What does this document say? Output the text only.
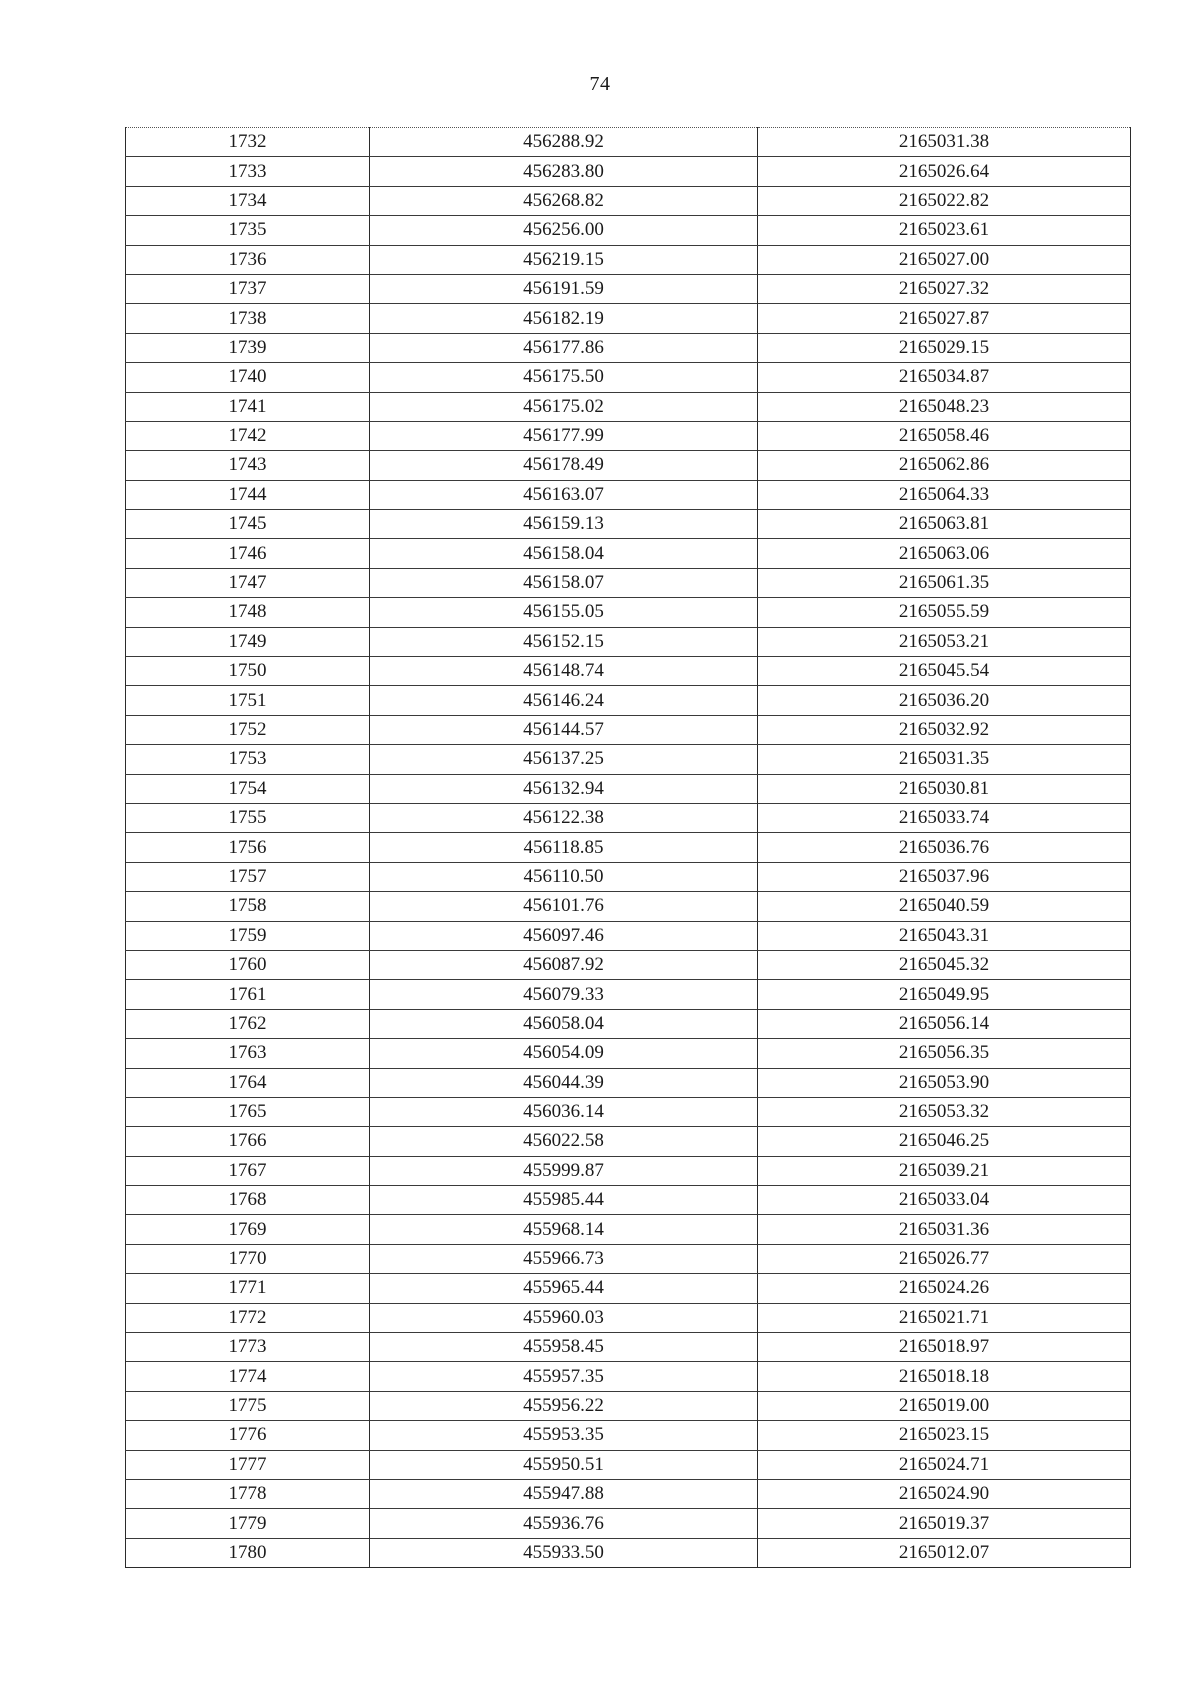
74
1732	456288.92	2165031.38
1733	456283.80	2165026.64
1734	456268.82	2165022.82
1735	456256.00	2165023.61
1736	456219.15	2165027.00
1737	456191.59	2165027.32
1738	456182.19	2165027.87
1739	456177.86	2165029.15
1740	456175.50	2165034.87
1741	456175.02	2165048.23
1742	456177.99	2165058.46
1743	456178.49	2165062.86
1744	456163.07	2165064.33
1745	456159.13	2165063.81
1746	456158.04	2165063.06
1747	456158.07	2165061.35
1748	456155.05	2165055.59
1749	456152.15	2165053.21
1750	456148.74	2165045.54
1751	456146.24	2165036.20
1752	456144.57	2165032.92
1753	456137.25	2165031.35
1754	456132.94	2165030.81
1755	456122.38	2165033.74
1756	456118.85	2165036.76
1757	456110.50	2165037.96
1758	456101.76	2165040.59
1759	456097.46	2165043.31
1760	456087.92	2165045.32
1761	456079.33	2165049.95
1762	456058.04	2165056.14
1763	456054.09	2165056.35
1764	456044.39	2165053.90
1765	456036.14	2165053.32
1766	456022.58	2165046.25
1767	455999.87	2165039.21
1768	455985.44	2165033.04
1769	455968.14	2165031.36
1770	455966.73	2165026.77
1771	455965.44	2165024.26
1772	455960.03	2165021.71
1773	455958.45	2165018.97
1774	455957.35	2165018.18
1775	455956.22	2165019.00
1776	455953.35	2165023.15
1777	455950.51	2165024.71
1778	455947.88	2165024.90
1779	455936.76	2165019.37
1780	455933.50	2165012.07
